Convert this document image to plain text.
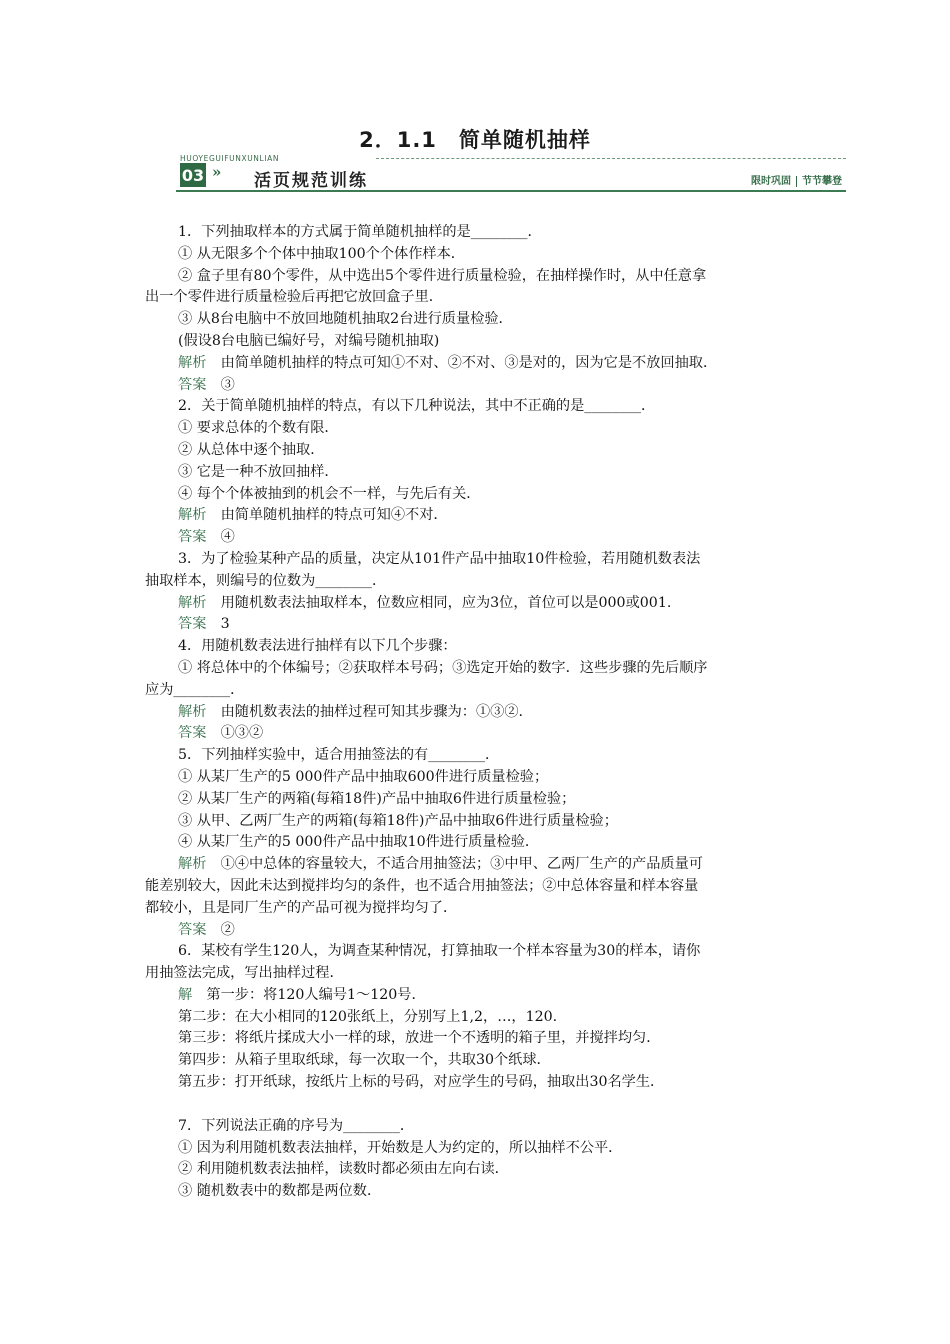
2．1.1　简单随机抽样
HUOYEGUIFUNXUNLIAN
03 » 活页规范训练	限时巩固 节节攀登

1．下列抽取样本的方式属于简单随机抽样的是________．

① 从无限多个个体中抽取100个个体作样本．

② 盒子里有80个零件，从中选出5个零件进行质量检验，在抽样操作时，从中任意拿

出一个零件进行质量检验后再把它放回盒子里．

③ 从8台电脑中不放回地随机抽取2台进行质量检验．

(假设8台电脑已编好号，对编号随机抽取)

解析　 由简单随机抽样的特点可知①不对、②不对、③是对的，因为它是不放回抽取．

答案　 ③

2．关于简单随机抽样的特点，有以下几种说法，其中不正确的是________．

① 要求总体的个数有限．

② 从总体中逐个抽取．

③ 它是一种不放回抽样．

④ 每个个体被抽到的机会不一样，与先后有关．

解析　 由简单随机抽样的特点可知④不对．

答案　 ④

3．为了检验某种产品的质量，决定从101件产品中抽取10件检验，若用随机数表法

抽取样本，则编号的位数为________．

解析　 用随机数表法抽取样本，位数应相同，应为3位，首位可以是000或001.

答案　 3

4．用随机数表法进行抽样有以下几个步骤：

① 将总体中的个体编号；②获取样本号码；③选定开始的数字．这些步骤的先后顺序

应为________．

解析　 由随机数表法的抽样过程可知其步骤为：①③②.

答案　 ①③②

5．下列抽样实验中，适合用抽签法的有________．

① 从某厂生产的5 000件产品中抽取600件进行质量检验；

② 从某厂生产的两箱(每箱18件)产品中抽取6件进行质量检验；

③ 从甲、乙两厂生产的两箱(每箱18件)产品中抽取6件进行质量检验；

④ 从某厂生产的5 000件产品中抽取10件进行质量检验．

解析　 ①④中总体的容量较大，不适合用抽签法；③中甲、乙两厂生产的产品质量可

能差别较大，因此未达到搅拌均匀的条件，也不适合用抽签法；②中总体容量和样本容量

都较小，且是同厂生产的产品可视为搅拌均匀了．

答案　 ②

6．某校有学生120人，为调查某种情况，打算抽取一个样本容量为30的样本，请你

用抽签法完成，写出抽样过程．

解　 第一步：将120人编号1～120号．

第二步：在大小相同的120张纸上，分别写上1,2，…，120.

第三步：将纸片揉成大小一样的球，放进一个不透明的箱子里，并搅拌均匀．

第四步：从箱子里取纸球，每一次取一个，共取30个纸球．

第五步：打开纸球，按纸片上标的号码，对应学生的号码，抽取出30名学生．

7．下列说法正确的序号为________．

① 因为利用随机数表法抽样，开始数是人为约定的，所以抽样不公平．

② 利用随机数表法抽样，读数时都必须由左向右读．

③ 随机数表中的数都是两位数．
